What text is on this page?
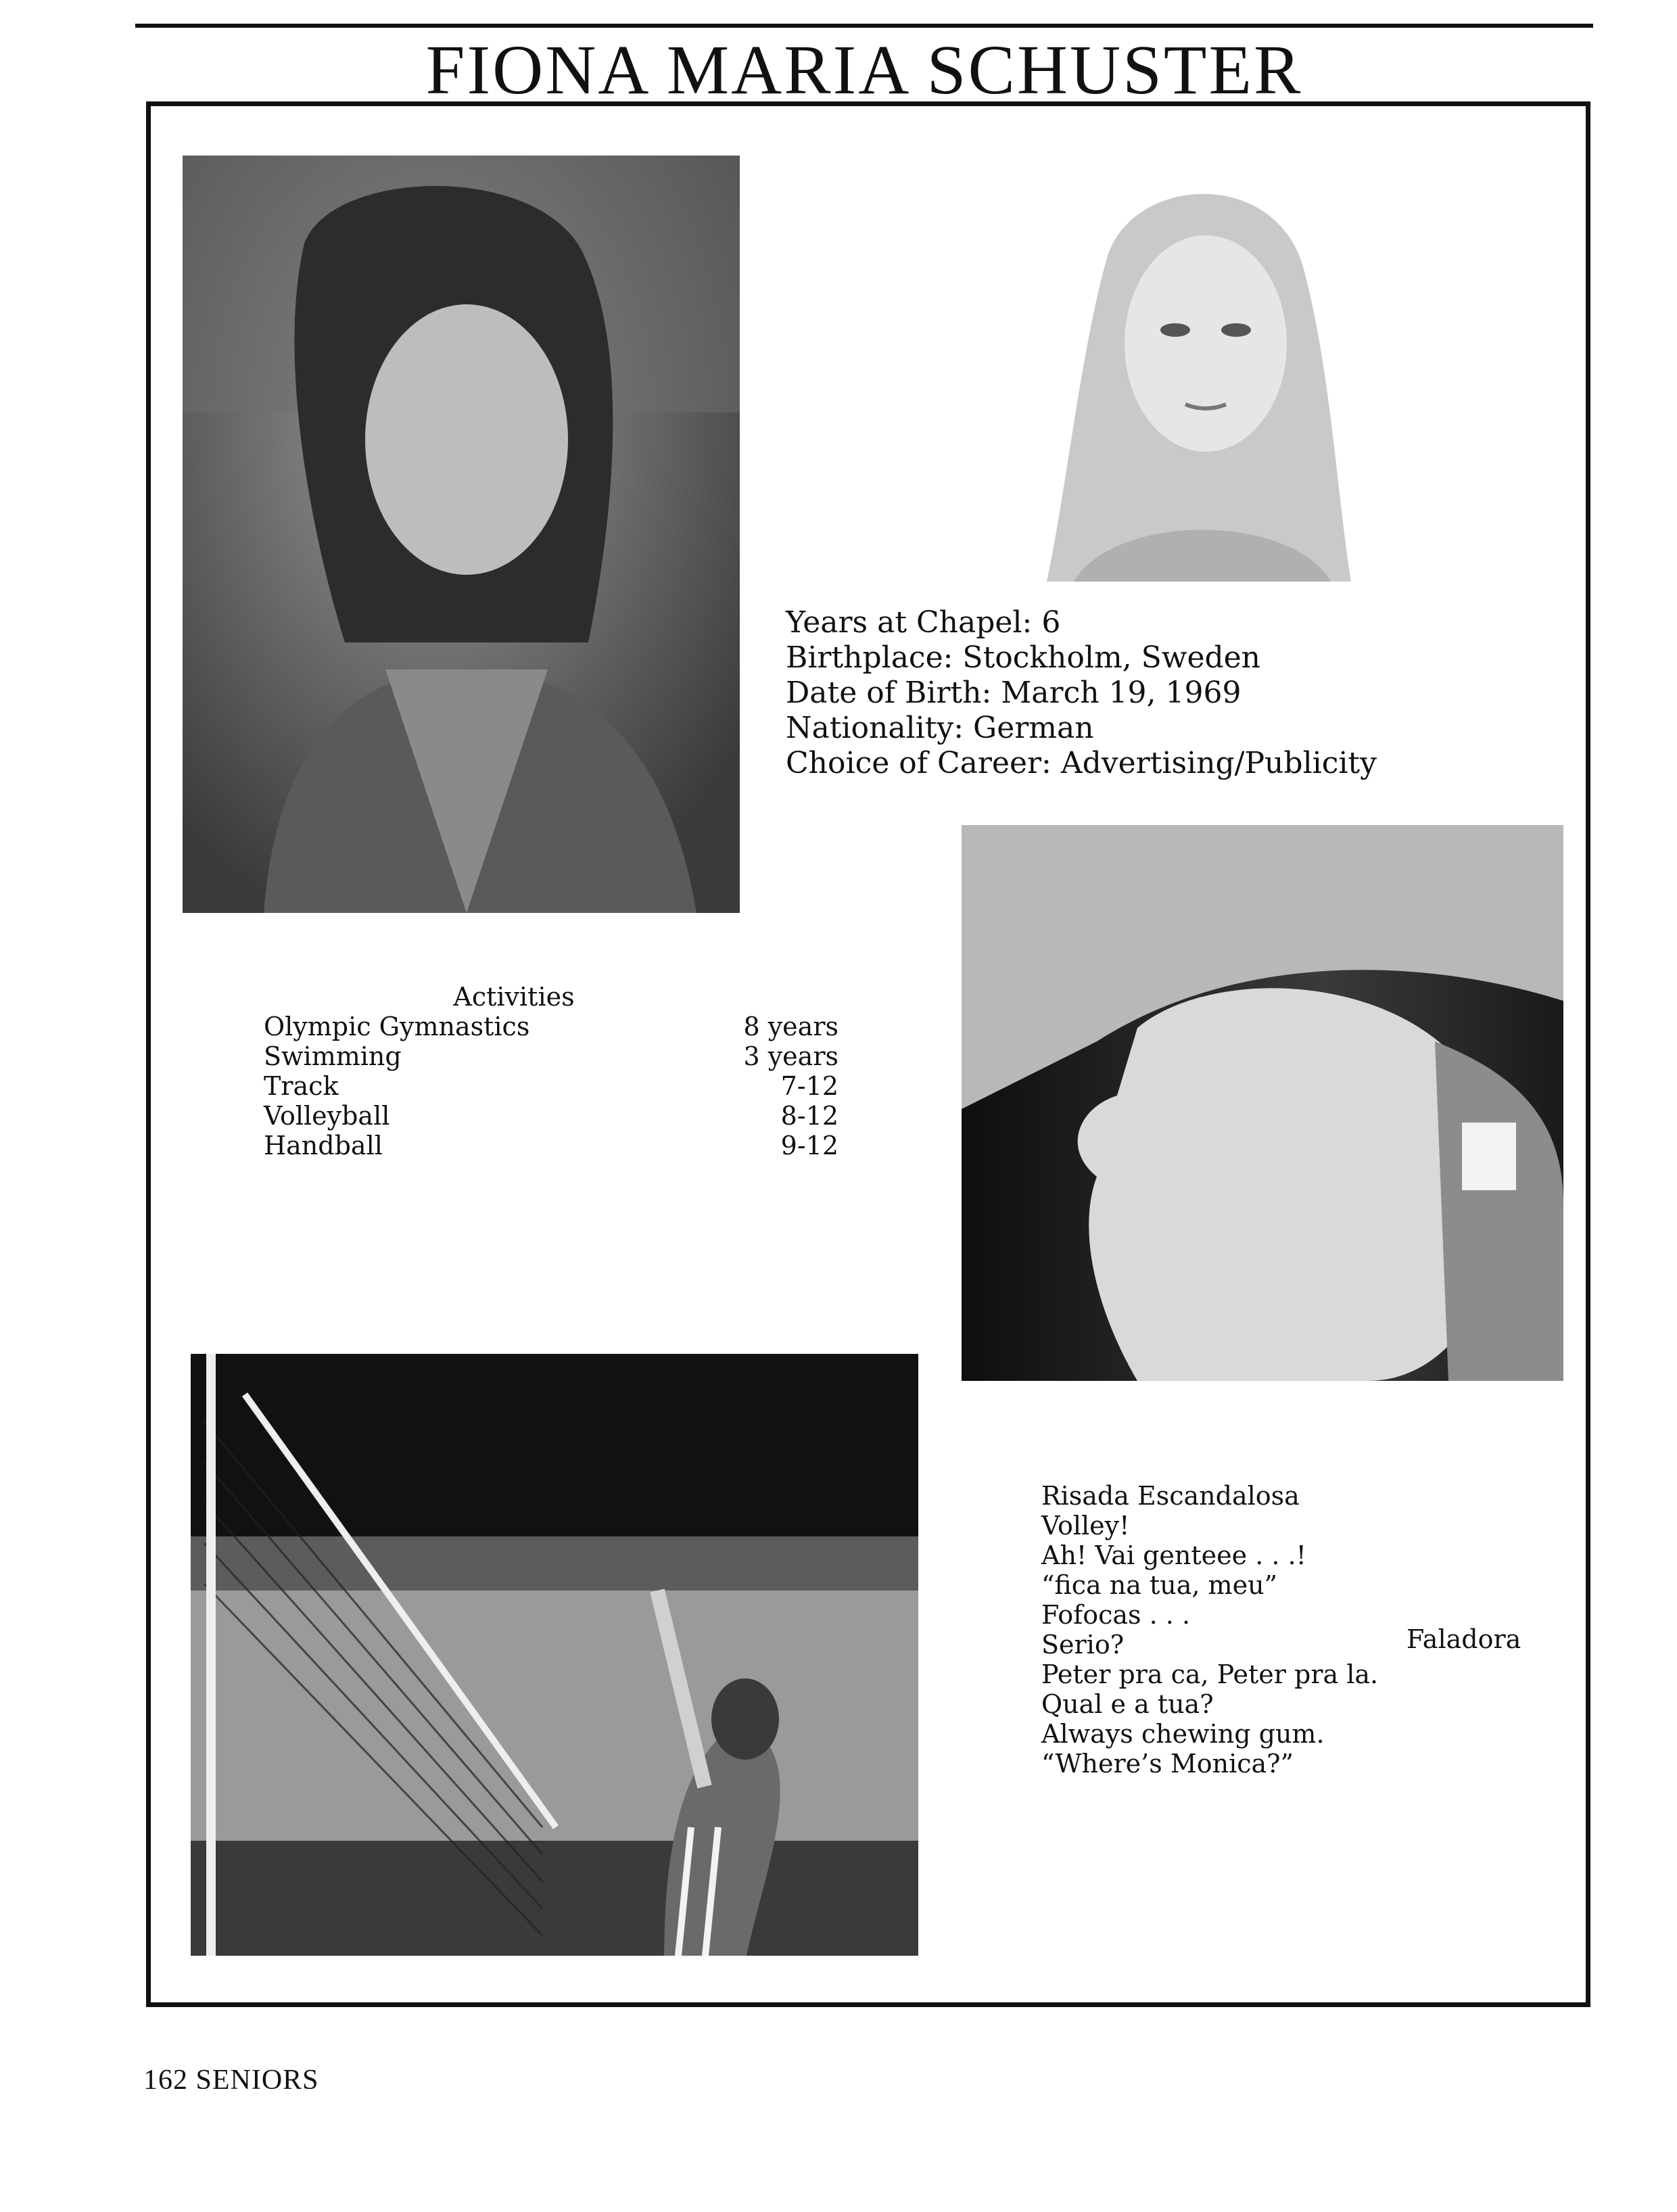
FIONA MARIA SCHUSTER
Years at Chapel: 6
Birthplace: Stockholm, Sweden
Date of Birth: March 19, 1969
Nationality: German
Choice of Career: Advertising/Publicity
Activities
Olympic Gymnastics	8 years
Swimming	3 years
Track	7-12
Volleyball	8-12
Handball	9-12
Risada Escandalosa
Volley!
Ah! Vai genteee . . .!
“fica na tua, meu”
Fofocas . . .
Serio?
Peter pra ca, Peter pra la.
Qual e a tua?
Always chewing gum.
“Where’s Monica?”
Faladora
162 SENIORS
